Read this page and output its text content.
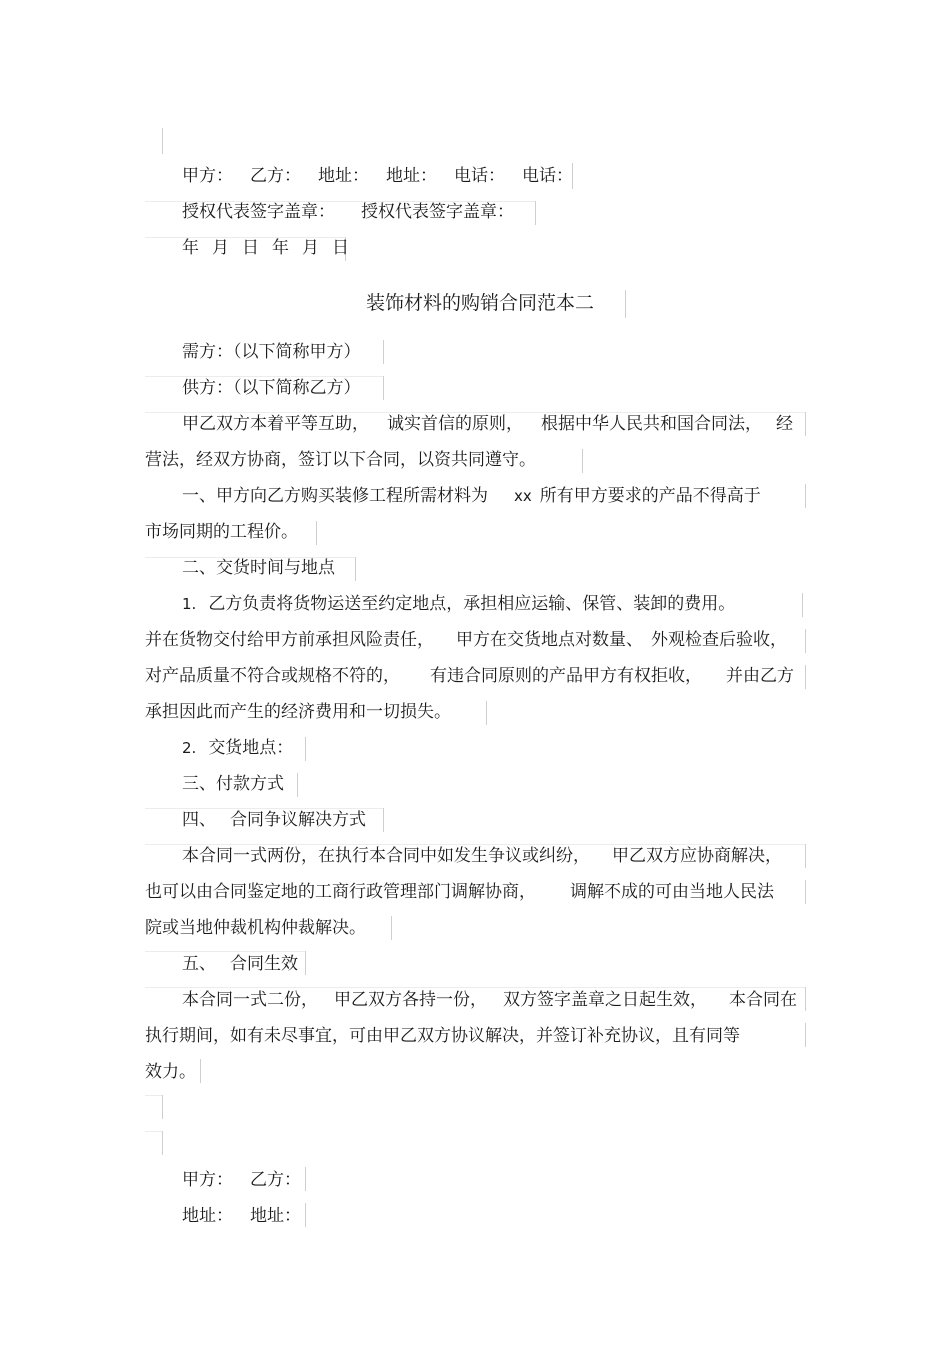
甲方： 乙方： 地址： 地址： 电话： 电话：
授权代表签字盖章： 授权代表签字盖章：
年 月 日 年 月 日
装饰材料的购销合同范本二
需方：（以下简称甲方）
供方：（以下简称乙方）
甲乙双方本着平等互助， 诚实首信的原则， 根据中华人民共和国合同法， 经
营法，经双方协商，签订以下合同，以资共同遵守。
一、甲方向乙方购买装修工程所需材料为 xx 所有甲方要求的产品不得高于
市场同期的工程价。
二、交货时间与地点
1. 乙方负责将货物运送至约定地点，承担相应运输、保管、装卸的费用。
并在货物交付给甲方前承担风险责任， 甲方在交货地点对数量、 外观检查后验收，
对产品质量不符合或规格不符的， 有违合同原则的产品甲方有权拒收， 并由乙方
承担因此而产生的经济费用和一切损失。
2. 交货地点：
三、付款方式
四、 合同争议解决方式
本合同一式两份，在执行本合同中如发生争议或纠纷， 甲乙双方应协商解决，
也可以由合同鉴定地的工商行政管理部门调解协商， 调解不成的可由当地人民法
院或当地仲裁机构仲裁解决。
五、 合同生效
本合同一式二份， 甲乙双方各持一份， 双方签字盖章之日起生效， 本合同在
执行期间，如有未尽事宜，可由甲乙双方协议解决，并签订补充协议，且有同等
效力。
甲方： 乙方：
地址： 地址：
